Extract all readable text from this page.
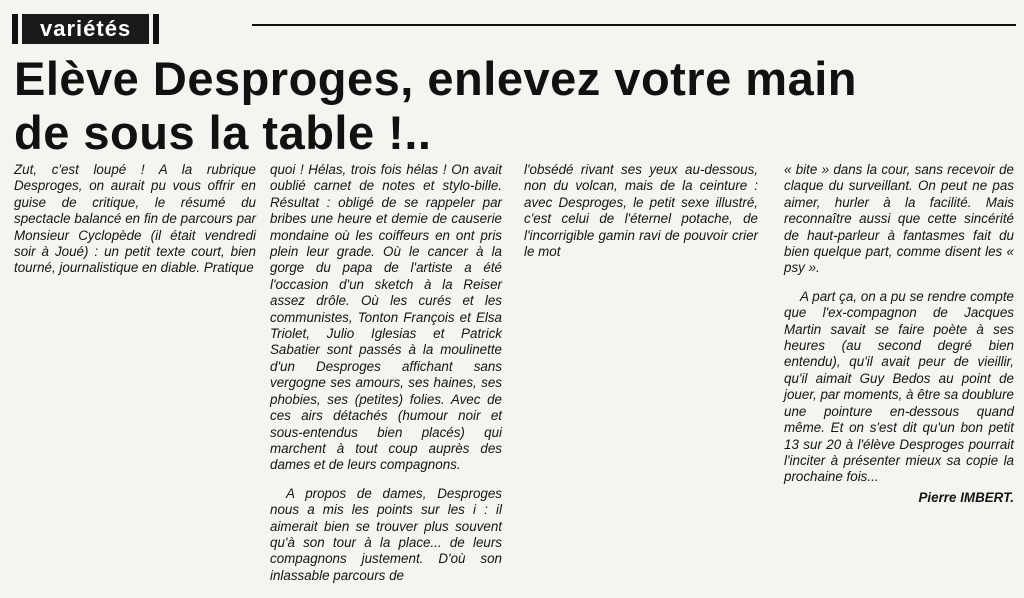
variétés
Elève Desproges, enlevez votre main
de sous la table !..

Zut, c'est loupé ! A la rubrique Desproges, on aurait pu vous offrir en guise de critique, le résumé du spectacle balancé en fin de parcours par Monsieur Cyclopède (il était vendredi soir à Joué) : un petit texte court, bien tourné, journalistique en diable. Pratique

quoi ! Hélas, trois fois hélas ! On avait oublié carnet de notes et stylo-bille. Résultat : obligé de se rappeler par bribes une heure et demie de causerie mondaine où les coiffeurs en ont pris plein leur grade. Où le cancer à la gorge du papa de l'artiste a été l'occasion d'un sketch à la Reiser assez drôle. Où les curés et les communistes, Tonton François et Elsa Triolet, Julio Iglesias et Patrick Sabatier sont passés à la moulinette d'un Desproges affichant sans vergogne ses amours, ses haines, ses phobies, ses (petites) folies. Avec de ces airs détachés (humour noir et sous-entendus bien placés) qui marchent à tout coup auprès des dames et de leurs compagnons.

A propos de dames, Desproges nous a mis les points sur les i : il aimerait bien se trouver plus souvent qu'à son tour à la place... de leurs compagnons justement. D'où son inlassable parcours de

l'obsédé rivant ses yeux au-dessous, non du volcan, mais de la ceinture : avec Desproges, le petit sexe illustré, c'est celui de l'éternel potache, de l'incorrigible gamin ravi de pouvoir crier le mot

« bite » dans la cour, sans recevoir de claque du surveillant. On peut ne pas aimer, hurler à la facilité. Mais reconnaître aussi que cette sincérité de haut-parleur à fantasmes fait du bien quelque part, comme disent les « psy ».

A part ça, on a pu se rendre compte que l'ex-compagnon de Jacques Martin savait se faire poète à ses heures (au second degré bien entendu), qu'il avait peur de vieillir, qu'il aimait Guy Bedos au point de jouer, par moments, à être sa doublure une pointure en-dessous quand même. Et on s'est dit qu'un bon petit 13 sur 20 à l'élève Desproges pourrait l'inciter à présenter mieux sa copie la prochaine fois...

Pierre IMBERT.
